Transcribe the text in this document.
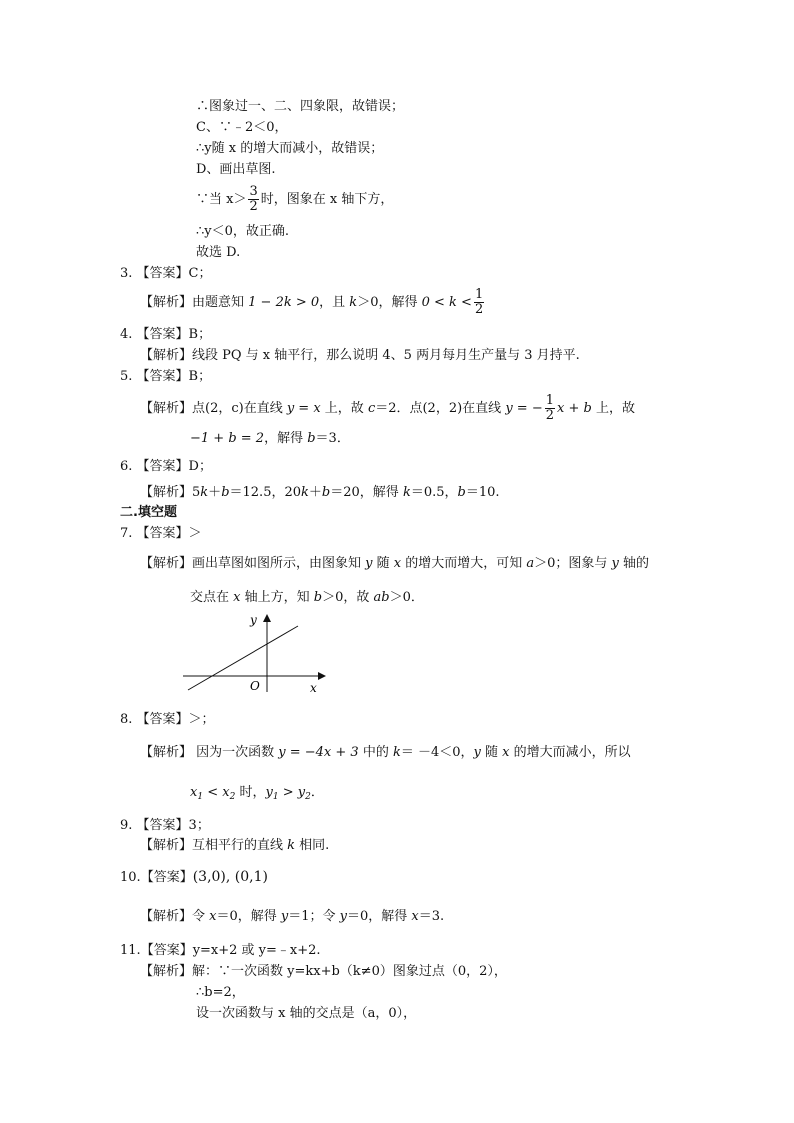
∴图象过一、二、四象限，故错误；
C、∵﹣2＜0，
∴y随 x 的增大而减小，故错误；
D、画出草图.
∵当 $x> \frac{3}{2}$ 时，图象在 x 轴下方，
∴y＜0，故正确.
故选 D.
3. 【答案】C；
【解析】由题意知 1 − 2k > 0，且 k＞0，解得 $0 < k < \frac{1}{2}$
4. 【答案】B；
【解析】线段 PQ 与 x 轴平行，那么说明 4、5 两月每月生产量与 3 月持平.
5. 【答案】B；
【解析】点(2，c)在直线 y = x 上，故 c＝2．点(2，2)在直线 y = − $\frac{1}{2}$ x + b 上，故
−1 + b = 2，解得 b＝3．
6. 【答案】D；
【解析】5k＋b＝12.5，20k＋b＝20，解得 k＝0.5，b＝10.
二.填空题
7. 【答案】＞
【解析】画出草图如图所示，由图象知 y 随 x 的增大而增大，可知 a＞0；图象与 y 轴的
交点在 x 轴上方，知 b＞0，故 ab＞0．
x
y
O
8. 【答案】＞；
【解析】 因为一次函数 y = −4x + 3 中的 k＝ －4＜0，y 随 x 的增大而减小，所以
$x_1 < x_2$ 时，$y_1 > y_2$．
9. 【答案】3；
【解析】互相平行的直线 k 相同.
10.【答案】(3,0), (0,1)
【解析】令 x＝0，解得 y＝1；令 y＝0，解得 x＝3.
11.【答案】y=x+2 或 y=﹣x+2.
【解析】解：∵一次函数 y=kx+b（k≠0）图象过点（0，2），
∴b=2，
设一次函数与 x 轴的交点是（a，0），
